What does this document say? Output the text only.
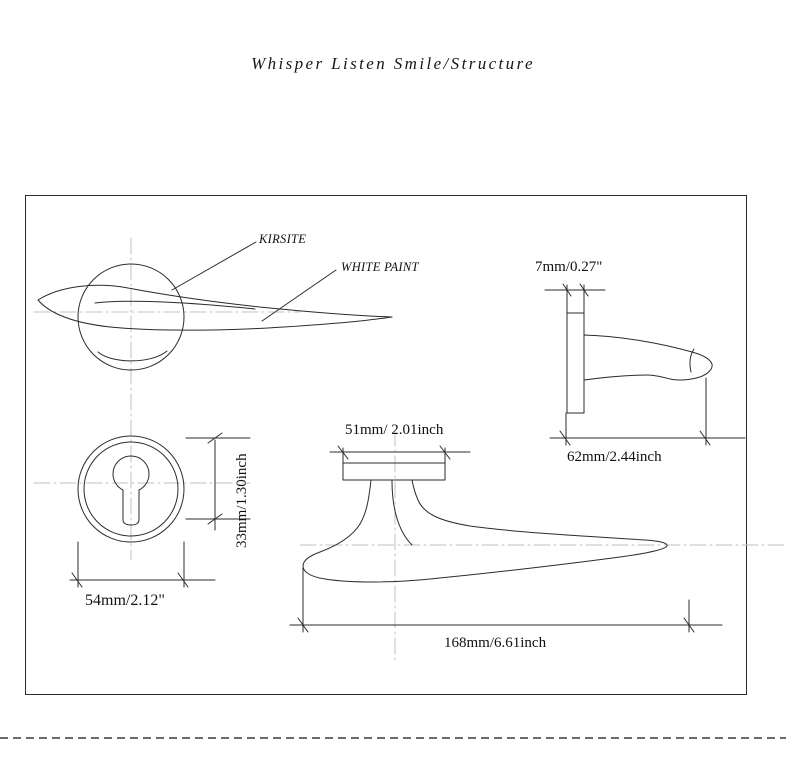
Whisper Listen Smile/Structure
KIRSITE
WHITE PAINT	7mm/0.27"
62mm/2.44inch
33mm/1.30inch
54mm/2.12"
51mm/ 2.01inch
168mm/6.61inch
